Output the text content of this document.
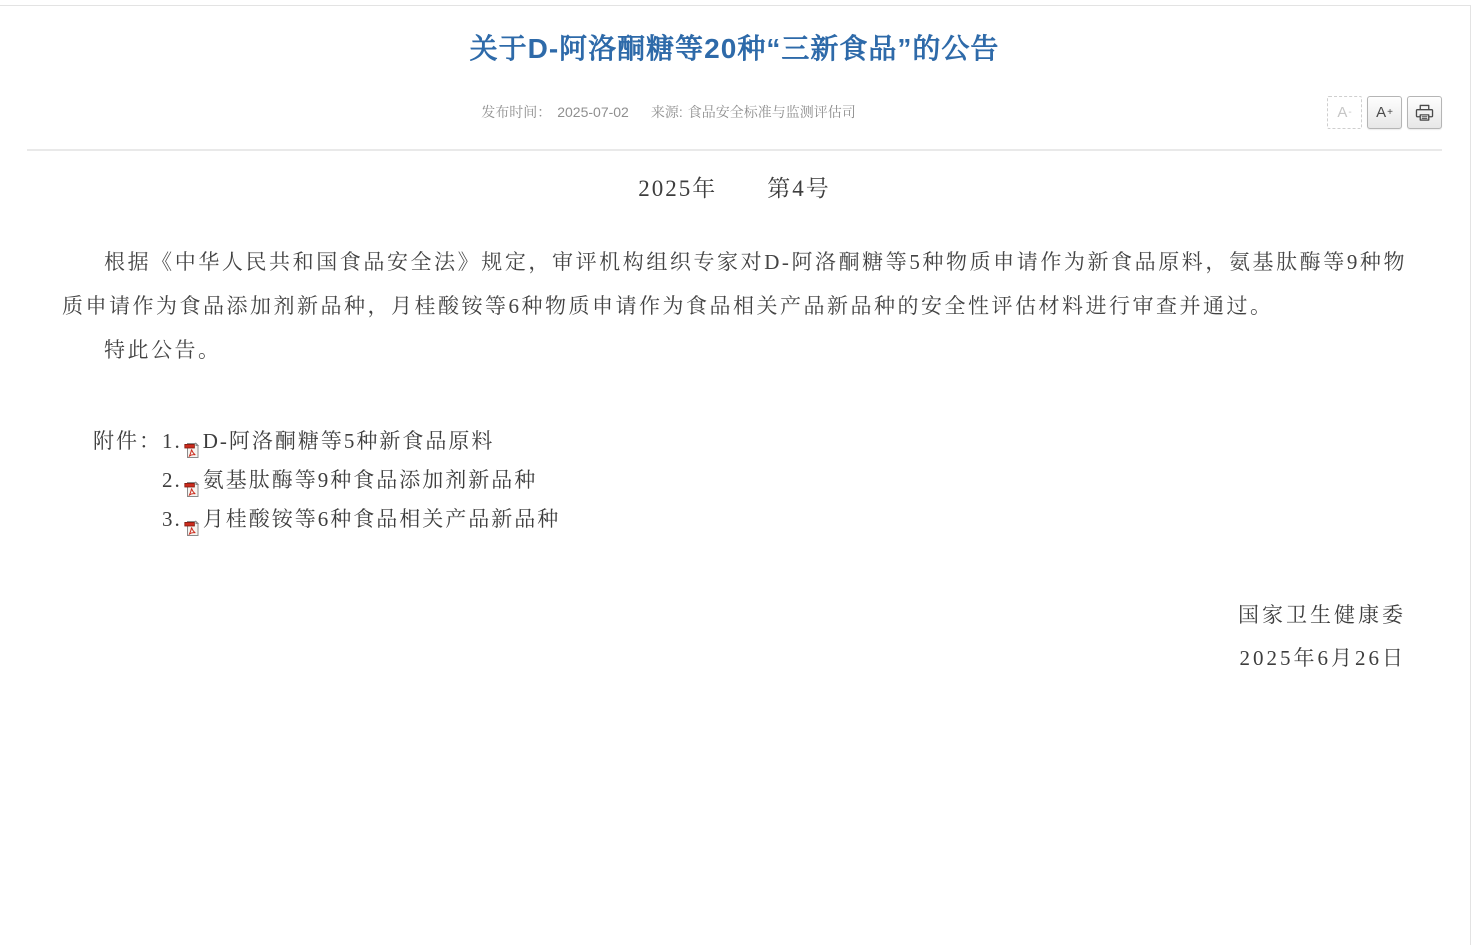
关于D-阿洛酮糖等20种“三新食品”的公告
发布时间： 2025-07-02 来源: 食品安全标准与监测评估司	A - A +
2025年　　第4号

根据《中华人民共和国食品安全法》规定，审评机构组织专家对D-阿洛酮糖等5种物质申请作为新食品原料，氨基肽酶等9种物质申请作为食品添加剂新品种，月桂酸铵等6种物质申请作为食品相关产品新品种的安全性评估材料进行审查并通过。

特此公告。

附件： 1. D-阿洛酮糖等5种新食品原料
2. 氨基肽酶等9种食品添加剂新品种
3. 月桂酸铵等6种食品相关产品新品种
国家卫生健康委
2025年6月26日
